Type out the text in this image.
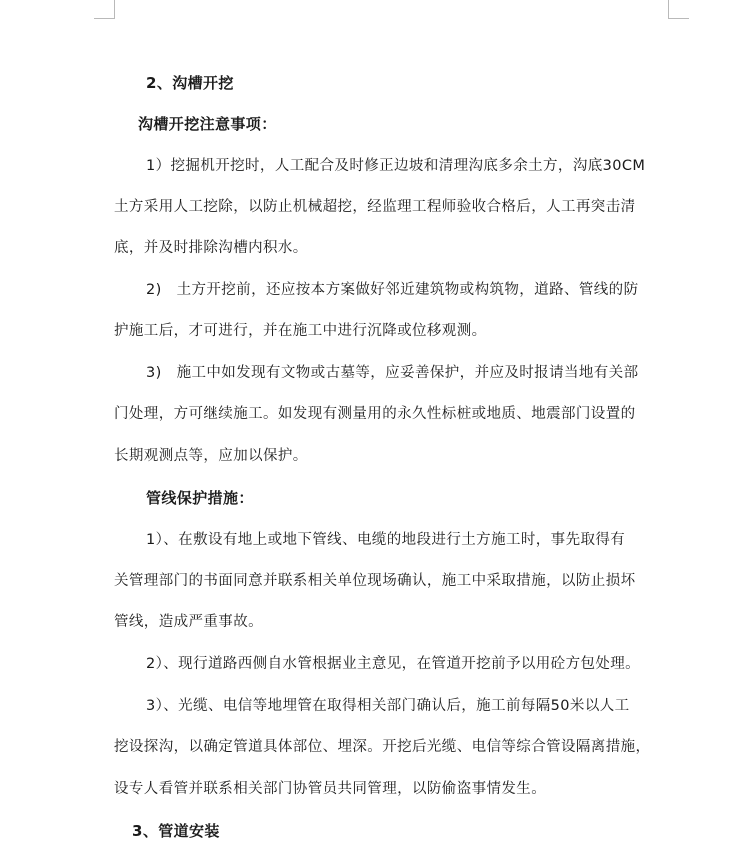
2、沟槽开挖
沟槽开挖注意事项：
1）挖掘机开挖时，人工配合及时修正边坡和清理沟底多余土方，沟底30CM
土方采用人工挖除，以防止机械超挖，经监理工程师验收合格后，人工再突击清
底，并及时排除沟槽内积水。
2)　土方开挖前，还应按本方案做好邻近建筑物或构筑物，道路、管线的防
护施工后，才可进行，并在施工中进行沉降或位移观测。
3)　施工中如发现有文物或古墓等，应妥善保护，并应及时报请当地有关部
门处理，方可继续施工。如发现有测量用的永久性标桩或地质、地震部门设置的
长期观测点等，应加以保护。
管线保护措施：
1）、在敷设有地上或地下管线、电缆的地段进行土方施工时，事先取得有
关管理部门的书面同意并联系相关单位现场确认，施工中采取措施，以防止损坏
管线，造成严重事故。
2）、现行道路西侧自水管根据业主意见，在管道开挖前予以用砼方包处理。
3）、光缆、电信等地埋管在取得相关部门确认后，施工前每隔50米以人工
挖设探沟，以确定管道具体部位、埋深。开挖后光缆、电信等综合管设隔离措施，
设专人看管并联系相关部门协管员共同管理，以防偷盗事情发生。
3、管道安装
